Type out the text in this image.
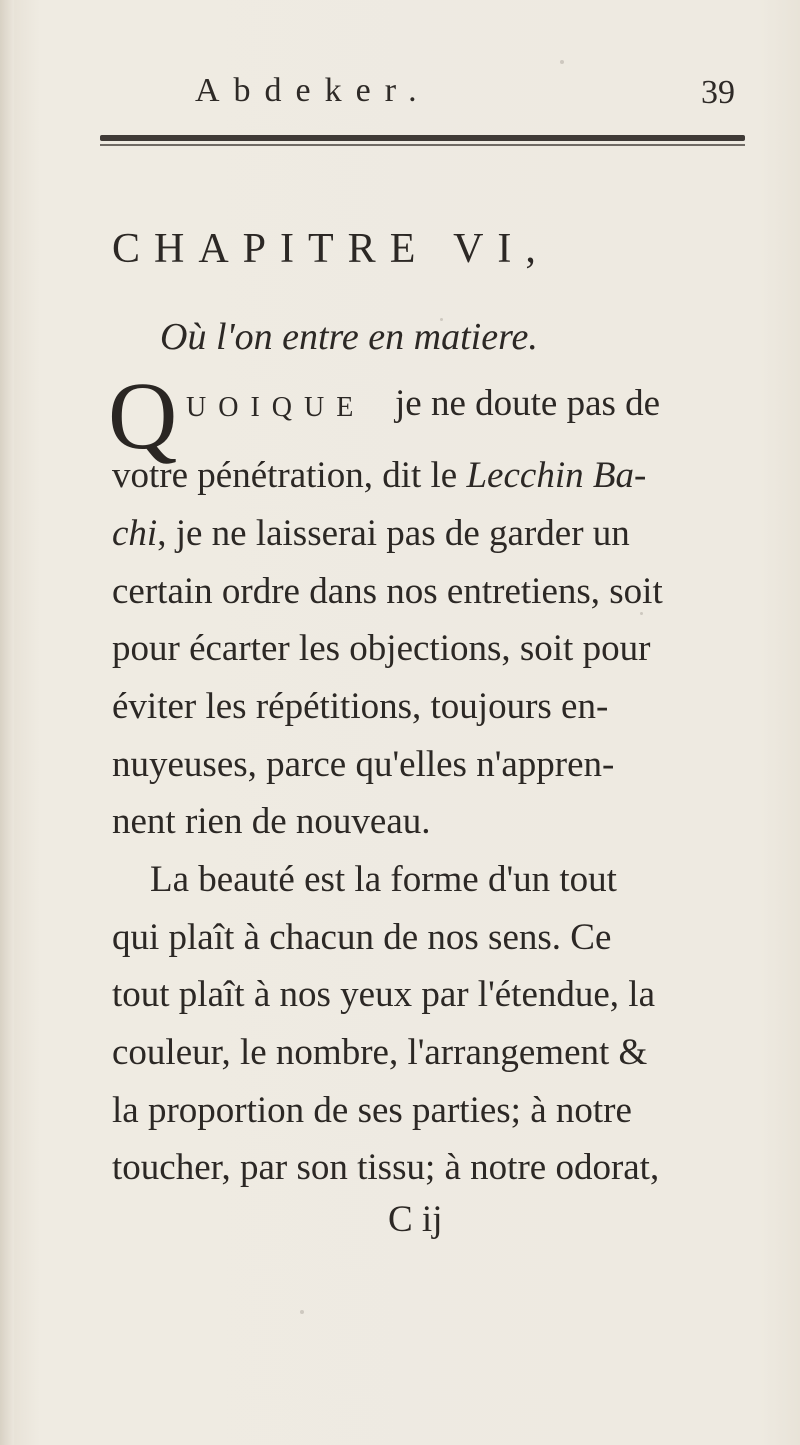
Abdeker.	39
CHAPITRE VI,
Où l'on entre en matiere.
Q UOIQUE je ne doute pas de
votre pénétration, dit le Lecchin Ba-
chi, je ne laisserai pas de garder un
certain ordre dans nos entretiens, soit
pour écarter les objections, soit pour
éviter les répétitions, toujours en-
nuyeuses, parce qu'elles n'appren-
nent rien de nouveau.
La beauté est la forme d'un tout
qui plaît à chacun de nos sens. Ce
tout plaît à nos yeux par l'étendue, la
couleur, le nombre, l'arrangement &
la proportion de ses parties; à notre
toucher, par son tissu; à notre odorat,
C ij
